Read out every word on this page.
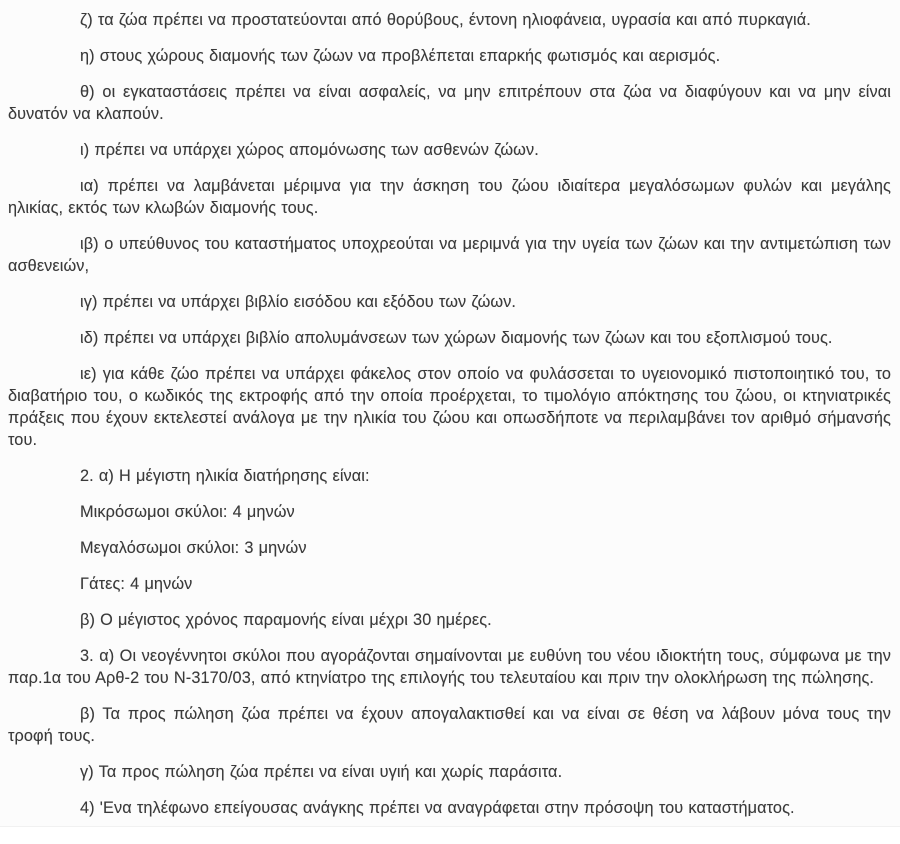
ζ) τα ζώα πρέπει να προστατεύονται από θορύβους, έντονη ηλιοφάνεια, υγρασία και από πυρκαγιά.

η) στους χώρους διαμονής των ζώων να προβλέπεται επαρκής φωτισμός και αερισμός.

θ) οι εγκαταστάσεις πρέπει να είναι ασφαλείς, να μην επιτρέπουν στα ζώα να διαφύγουν και να μην είναι δυνατόν να κλαπούν.

ι) πρέπει να υπάρχει χώρος απομόνωσης των ασθενών ζώων.

ια) πρέπει να λαμβάνεται μέριμνα για την άσκηση του ζώου ιδιαίτερα μεγαλόσωμων φυλών και μεγάλης ηλικίας, εκτός των κλωβών διαμονής τους.

ιβ) ο υπεύθυνος του καταστήματος υποχρεούται να μεριμνά για την υγεία των ζώων και την αντιμετώπιση των ασθενειών,

ιγ) πρέπει να υπάρχει βιβλίο εισόδου και εξόδου των ζώων.

ιδ) πρέπει να υπάρχει βιβλίο απολυμάνσεων των χώρων διαμονής των ζώων και του εξοπλισμού τους.

ιε) για κάθε ζώο πρέπει να υπάρχει φάκελος στον οποίο να φυλάσσεται το υγειονομικό πιστοποιητικό του, το διαβατήριο του, ο κωδικός της εκτροφής από την οποία προέρχεται, το τιμολόγιο απόκτησης του ζώου, οι κτηνιατρικές πράξεις που έχουν εκτελεστεί ανάλογα με την ηλικία του ζώου και οπωσδήποτε να περιλαμβάνει τον αριθμό σήμανσής του.

2. α) Η μέγιστη ηλικία διατήρησης είναι:

Μικρόσωμοι σκύλοι: 4 μηνών

Μεγαλόσωμοι σκύλοι: 3 μηνών

Γάτες: 4 μηνών

β) Ο μέγιστος χρόνος παραμονής είναι μέχρι 30 ημέρες.

3. α) Οι νεογέννητοι σκύλοι που αγοράζονται σημαίνονται με ευθύνη του νέου ιδιοκτήτη τους, σύμφωνα με την παρ.1α του Αρθ-2 του Ν-3170/03, από κτηνίατρο της επιλογής του τελευταίου και πριν την ολοκλήρωση της πώλησης.

β) Τα προς πώληση ζώα πρέπει να έχουν απογαλακτισθεί και να είναι σε θέση να λάβουν μόνα τους την τροφή τους.

γ) Τα προς πώληση ζώα πρέπει να είναι υγιή και χωρίς παράσιτα.

4) 'Ενα τηλέφωνο επείγουσας ανάγκης πρέπει να αναγράφεται στην πρόσοψη του καταστήματος.
